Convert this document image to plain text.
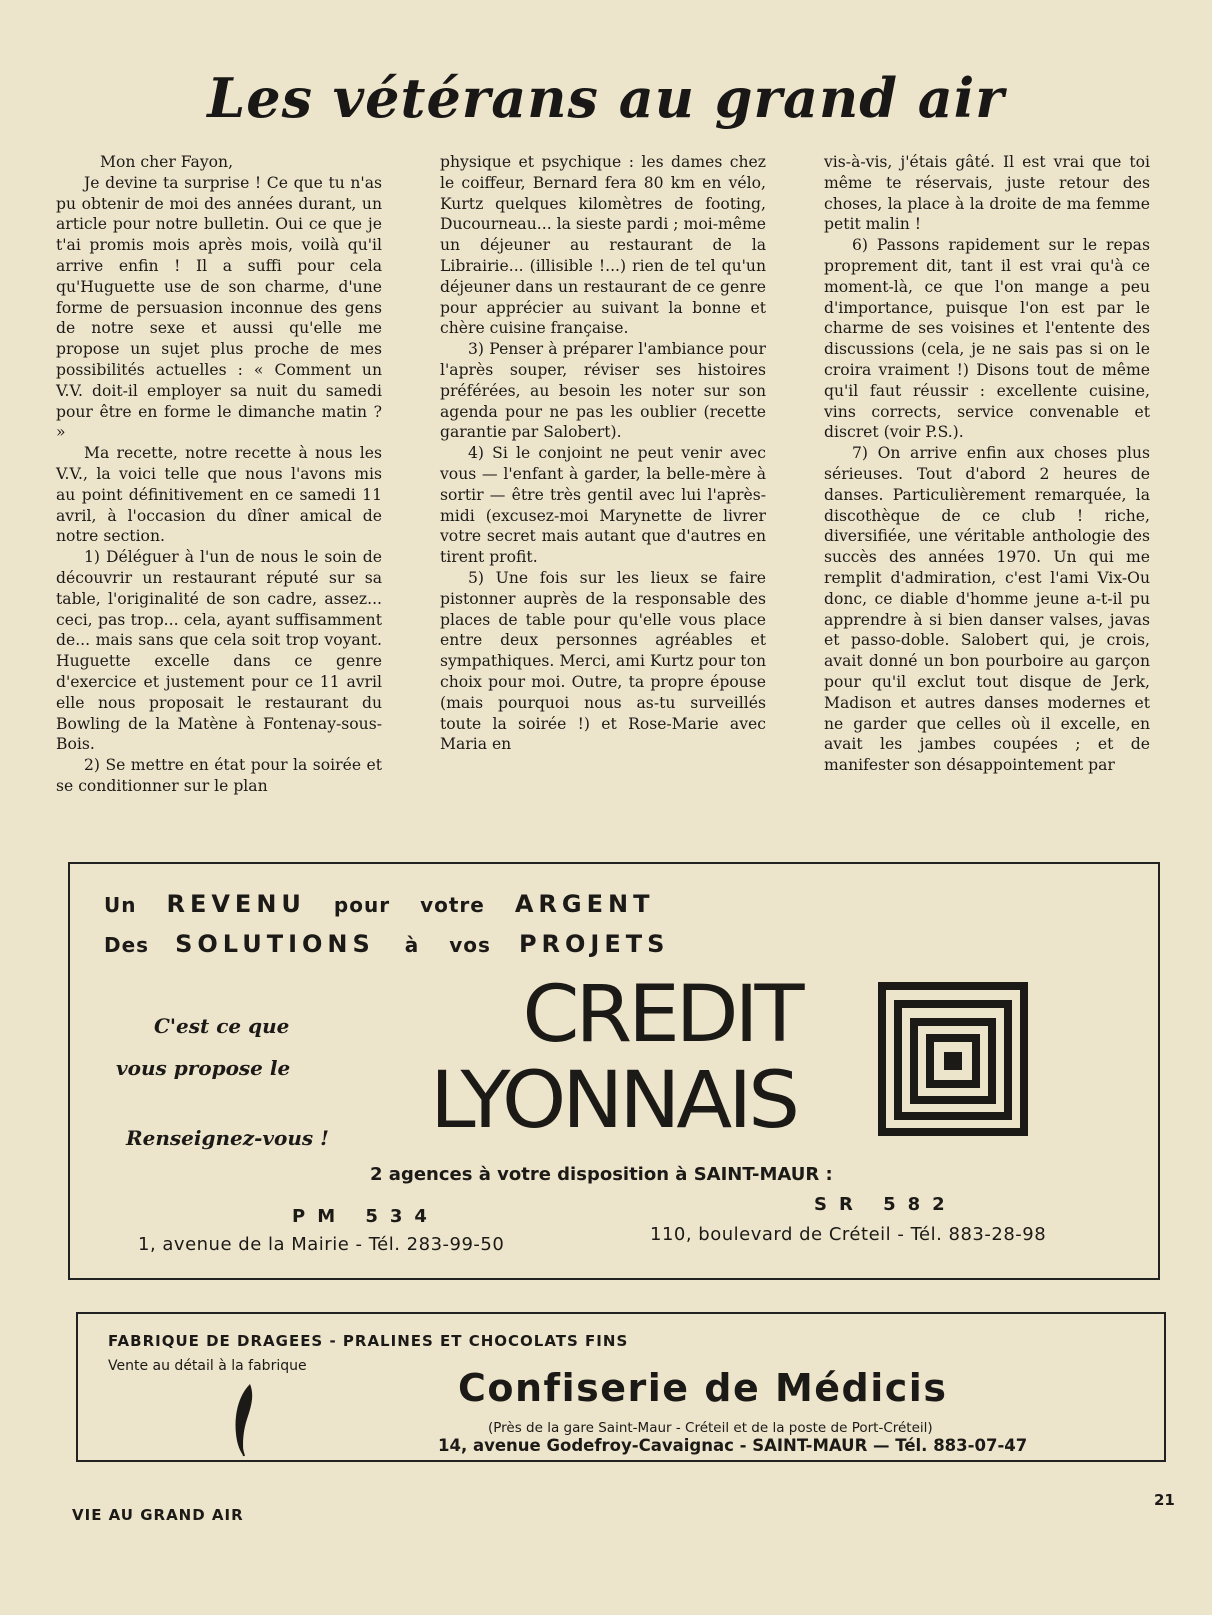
Les vétérans au grand air

Mon cher Fayon,

Je devine ta surprise ! Ce que tu n'as pu obtenir de moi des années durant, un article pour notre bulletin. Oui ce que je t'ai promis mois après mois, voilà qu'il arrive enfin ! Il a suffi pour cela qu'Huguette use de son charme, d'une forme de persuasion inconnue des gens de notre sexe et aussi qu'elle me propose un sujet plus proche de mes possibilités actuelles : « Comment un V.V. doit-il employer sa nuit du samedi pour être en forme le dimanche matin ? »

Ma recette, notre recette à nous les V.V., la voici telle que nous l'avons mis au point définitivement en ce samedi 11 avril, à l'occasion du dîner amical de notre section.

1) Déléguer à l'un de nous le soin de découvrir un restaurant réputé sur sa table, l'originalité de son cadre, assez... ceci, pas trop... cela, ayant suffisamment de... mais sans que cela soit trop voyant. Huguette excelle dans ce genre d'exercice et justement pour ce 11 avril elle nous proposait le restaurant du Bowling de la Matène à Fontenay-sous-Bois.

2) Se mettre en état pour la soirée et se conditionner sur le plan

physique et psychique : les dames chez le coiffeur, Bernard fera 80 km en vélo, Kurtz quelques kilomètres de footing, Ducourneau... la sieste pardi ; moi-même un déjeuner au restaurant de la Librairie... (illisible !...) rien de tel qu'un déjeuner dans un restaurant de ce genre pour apprécier au suivant la bonne et chère cuisine française.

3) Penser à préparer l'ambiance pour l'après souper, réviser ses histoires préférées, au besoin les noter sur son agenda pour ne pas les oublier (recette garantie par Salobert).

4) Si le conjoint ne peut venir avec vous — l'enfant à garder, la belle-mère à sortir — être très gentil avec lui l'après-midi (excusez-moi Marynette de livrer votre secret mais autant que d'autres en tirent profit.

5) Une fois sur les lieux se faire pistonner auprès de la responsable des places de table pour qu'elle vous place entre deux personnes agréables et sympathiques. Merci, ami Kurtz pour ton choix pour moi. Outre, ta propre épouse (mais pourquoi nous as-tu surveillés toute la soirée !) et Rose-Marie avec Maria en

vis-à-vis, j'étais gâté. Il est vrai que toi même te réservais, juste retour des choses, la place à la droite de ma femme petit malin !

6) Passons rapidement sur le repas proprement dit, tant il est vrai qu'à ce moment-là, ce que l'on mange a peu d'importance, puisque l'on est par le charme de ses voisines et l'entente des discussions (cela, je ne sais pas si on le croira vraiment !) Disons tout de même qu'il faut réussir : excellente cuisine, vins corrects, service convenable et discret (voir P.S.).

7) On arrive enfin aux choses plus sérieuses. Tout d'abord 2 heures de danses. Particulièrement remarquée, la discothèque de ce club ! riche, diversifiée, une véritable anthologie des succès des années 1970. Un qui me remplit d'admiration, c'est l'ami Vix-Ou donc, ce diable d'homme jeune a-t-il pu apprendre à si bien danser valses, javas et passo-doble. Salobert qui, je crois, avait donné un bon pourboire au garçon pour qu'il exclut tout disque de Jerk, Madison et autres danses modernes et ne garder que celles où il excelle, en avait les jambes coupées ; et de manifester son désappointement par

Un REVENU pour votre ARGENT
Des SOLUTIONS à vos PROJETS
C'est ce que
vous propose le
Renseignez-vous !
CREDIT
LYONNAIS
2 agences à votre disposition à SAINT-MAUR :
PM 534
1, avenue de la Mairie - Tél. 283-99-50
SR 582
110, boulevard de Créteil - Tél. 883-28-98
FABRIQUE DE DRAGEES - PRALINES ET CHOCOLATS FINS
Vente au détail à la fabrique	Confiserie de Médicis
(Près de la gare Saint-Maur - Créteil et de la poste de Port-Créteil)
14, avenue Godefroy-Cavaignac - SAINT-MAUR — Tél. 883-07-47
VIE AU GRAND AIR
21
